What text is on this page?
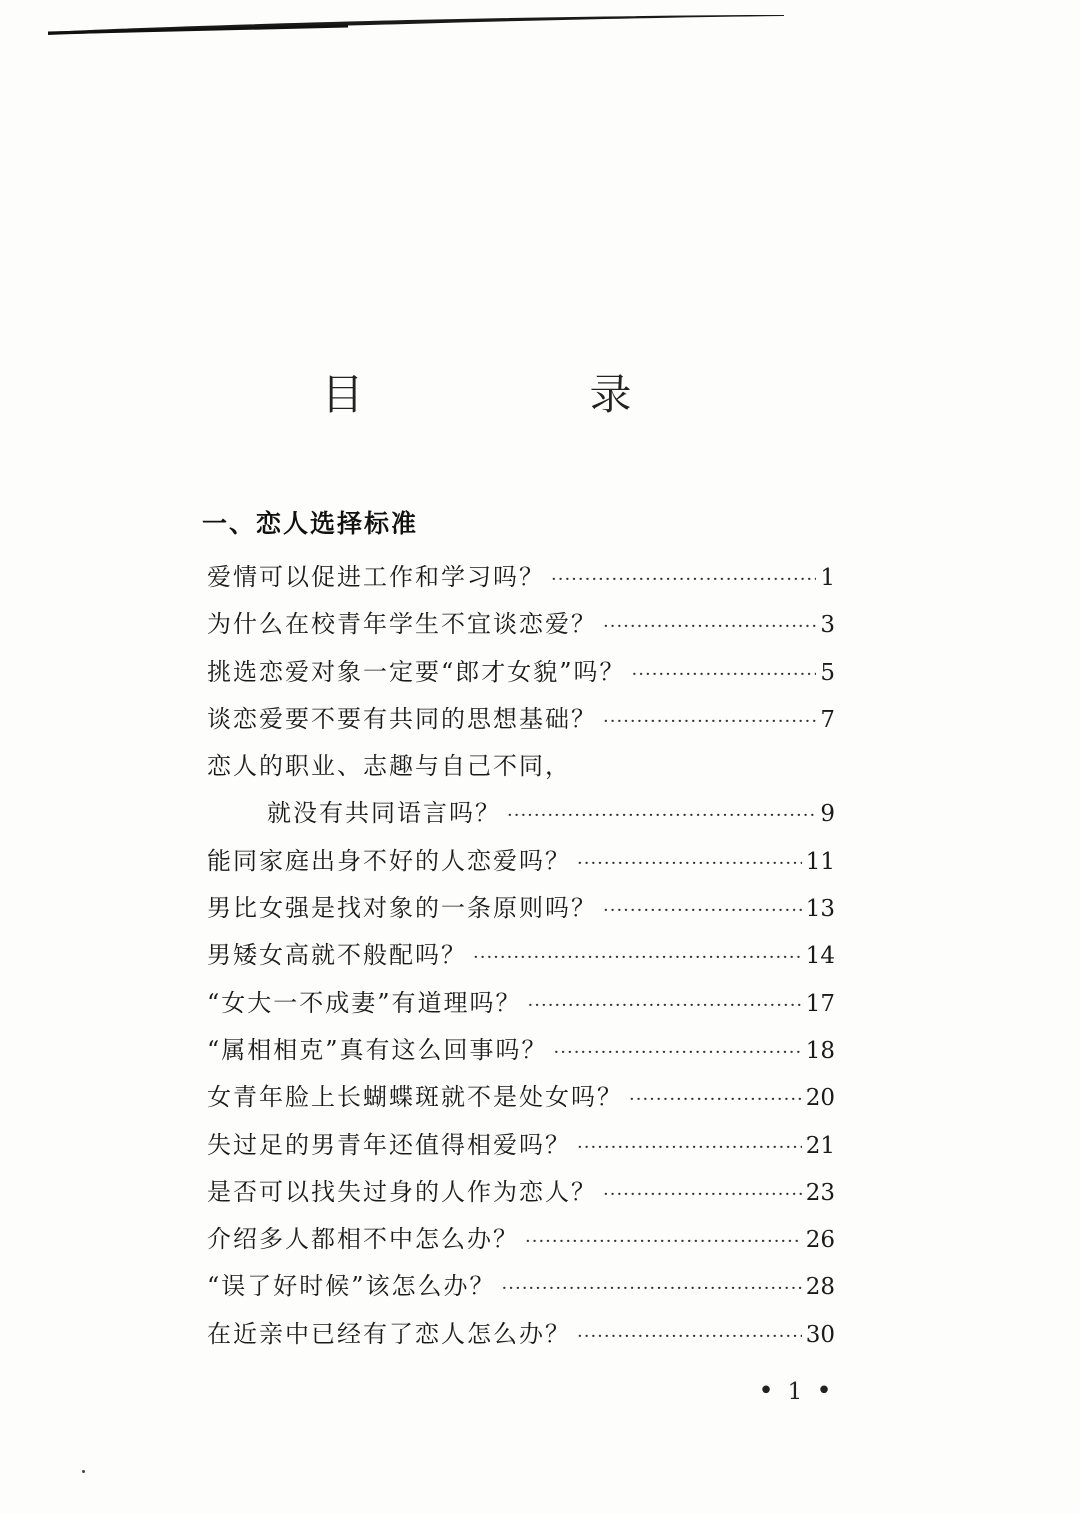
目　录
一、恋人选择标准
爱情可以促进工作和学习吗？ ·····	1
为什么在校青年学生不宜谈恋爱？ ·····	3
挑选恋爱对象一定要“郎才女貌”吗？ ·····	5
谈恋爱要不要有共同的思想基础？ ·····	7
恋人的职业、志趣与自己不同，
就没有共同语言吗？ ·····	9
能同家庭出身不好的人恋爱吗？ ·····	11
男比女强是找对象的一条原则吗？ ·····	13
男矮女高就不般配吗？ ·····	14
“女大一不成妻”有道理吗？ ·····	17
“属相相克”真有这么回事吗？ ·····	18
女青年脸上长蝴蝶斑就不是处女吗？ ·····	20
失过足的男青年还值得相爱吗？ ·····	21
是否可以找失过身的人作为恋人？ ·····	23
介绍多人都相不中怎么办？ ·····	26
“误了好时候”该怎么办？ ·····	28
在近亲中已经有了恋人怎么办？ ·····	30
• 1 •
